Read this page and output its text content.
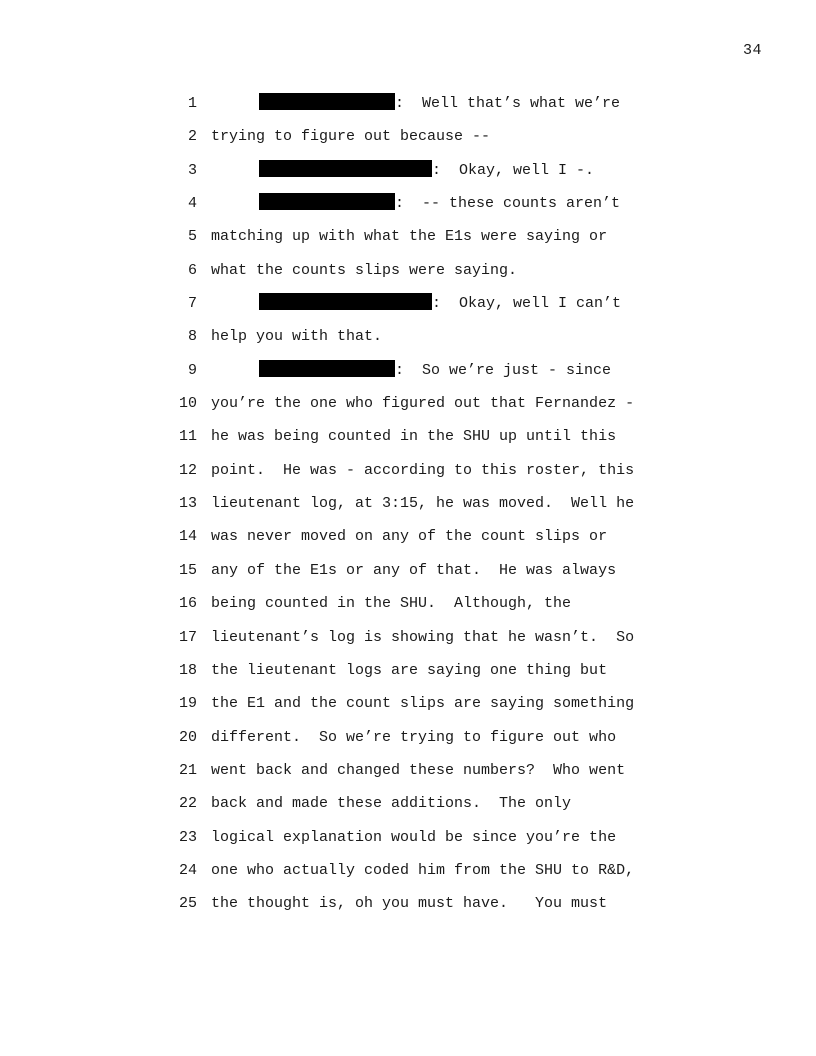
34
1	:  Well that’s what we’re
2 trying to figure out because --
3	:  Okay, well I -.
4	:  -- these counts aren’t
5 matching up with what the E1s were saying or
6 what the counts slips were saying.
7	:  Okay, well I can’t
8 help you with that.
9	:  So we’re just - since
10 you’re the one who figured out that Fernandez -
11 he was being counted in the SHU up until this
12 point.  He was - according to this roster, this
13 lieutenant log, at 3:15, he was moved.  Well he
14 was never moved on any of the count slips or
15 any of the E1s or any of that.  He was always
16 being counted in the SHU.  Although, the
17 lieutenant’s log is showing that he wasn’t.  So
18 the lieutenant logs are saying one thing but
19 the E1 and the count slips are saying something
20 different.  So we’re trying to figure out who
21 went back and changed these numbers?  Who went
22 back and made these additions.  The only
23 logical explanation would be since you’re the
24 one who actually coded him from the SHU to R&D,
25 the thought is, oh you must have.   You must
